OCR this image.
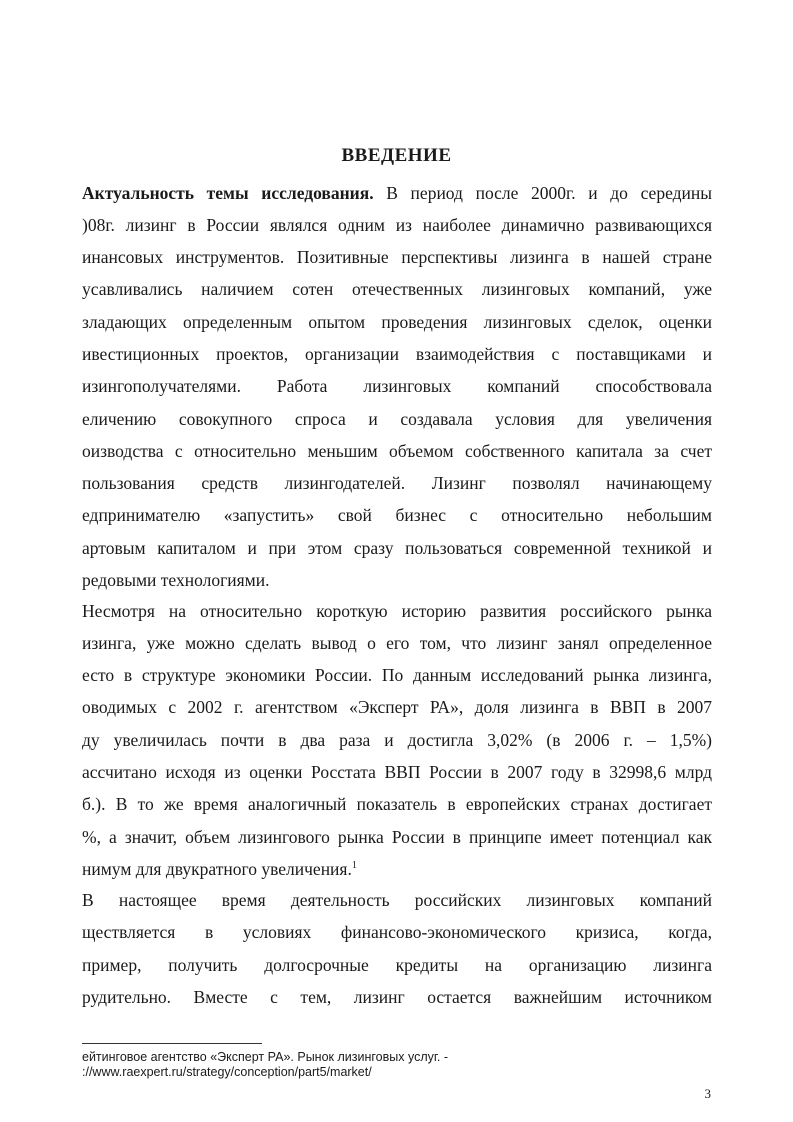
ВВЕДЕНИЕ
Актуальность темы исследования. В период после 2000г. и до середины
)08г. лизинг в России являлся одним из наиболее динамично развивающихся
инансовых инструментов. Позитивные перспективы лизинга в нашей стране
усавливались наличием сотен отечественных лизинговых компаний, уже
зладающих определенным опытом проведения лизинговых сделок, оценки
ивестиционных проектов, организации взаимодействия с поставщиками и
изингополучателями. Работа лизинговых компаний способствовала
еличению совокупного спроса и создавала условия для увеличения
оизводства с относительно меньшим объемом собственного капитала за счет
пользования средств лизингодателей. Лизинг позволял начинающему
едпринимателю «запустить» свой бизнес с относительно небольшим
артовым капиталом и при этом сразу пользоваться современной техникой и
редовыми технологиями.
Несмотря на относительно короткую историю развития российского рынка
изинга, уже можно сделать вывод о его том, что лизинг занял определенное
есто в структуре экономики России. По данным исследований рынка лизинга,
оводимых с 2002 г. агентством «Эксперт РА», доля лизинга в ВВП в 2007
ду увеличилась почти в два раза и достигла 3,02% (в 2006 г. – 1,5%)
ассчитано исходя из оценки Росстата ВВП России в 2007 году в 32998,6 млрд
б.). В то же время аналогичный показатель в европейских странах достигает
%, а значит, объем лизингового рынка России в принципе имеет потенциал как
нимум для двукратного увеличения.$^1$
В настоящее время деятельность российских лизинговых компаний
ществляется в условиях финансово-экономического кризиса, когда,
пример, получить долгосрочные кредиты на организацию лизинга
рудительно. Вместе с тем, лизинг остается важнейшим источником
ейтинговое агентство «Эксперт РА». Рынок лизинговых услуг. -
://www.raexpert.ru/strategy/conception/part5/market/
3
